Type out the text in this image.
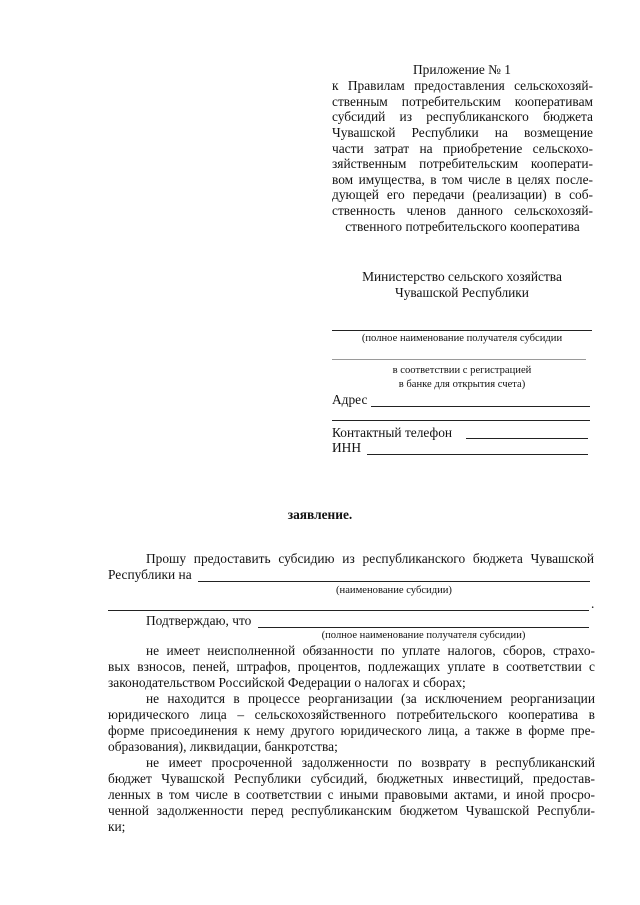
Приложение № 1
к Правилам предоставления сельскохозяй-
ственным потребительским кооперативам
субсидий из республиканского бюджета
Чувашской Республики на возмещение
части затрат на приобретение сельскохо-
зяйственным потребительским кооперати-
вом имущества, в том числе в целях после-
дующей его передачи (реализации) в соб-
ственность членов данного сельскохозяй-
ственного потребительского кооператива
Министерство сельского хозяйства
Чувашской Республики
(полное наименование получателя субсидии
в соответствии с регистрацией
в банке для открытия счета)
Адрес
Контактный телефон
ИНН
заявление.
Прошу предоставить субсидию из республиканского бюджета Чувашской
Республики на
(наименование субсидии)
.
Подтверждаю, что
(полное наименование получателя субсидии)
не имеет неисполненной обязанности по уплате налогов, сборов, страхо-
вых взносов, пеней, штрафов, процентов, подлежащих уплате в соответствии с
законодательством Российской Федерации о налогах и сборах;
не находится в процессе реорганизации (за исключением реорганизации
юридического лица – сельскохозяйственного потребительского кооператива в
форме присоединения к нему другого юридического лица, а также в форме пре-
образования), ликвидации, банкротства;
не имеет просроченной задолженности по возврату в республиканский
бюджет Чувашской Республики субсидий, бюджетных инвестиций, предостав-
ленных в том числе в соответствии с иными правовыми актами, и иной просро-
ченной задолженности перед республиканским бюджетом Чувашской Республи-
ки;
